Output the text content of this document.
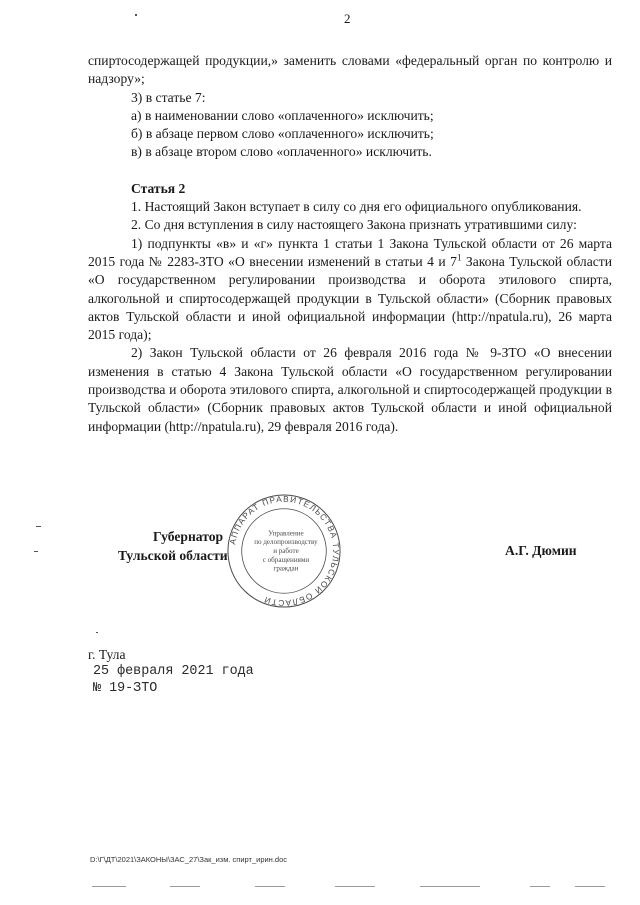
2

спиртосодержащей продукции,» заменить словами «федеральный орган по контролю и надзору»;

3) в статье 7:

а) в наименовании слово «оплаченного» исключить;

б) в абзаце первом слово «оплаченного» исключить;

в) в абзаце втором слово «оплаченного» исключить.

Статья 2

1. Настоящий Закон вступает в силу со дня его официального опубликования.

2. Со дня вступления в силу настоящего Закона признать утратившими силу:

1) подпункты «в» и «г» пункта 1 статьи 1 Закона Тульской области от 26 марта 2015 года № 2283-ЗТО «О внесении изменений в статьи 4 и $7^1$ Закона Тульской области «О государственном регулировании производства и оборота этилового спирта, алкогольной и спиртосодержащей продукции в Тульской области» (Сборник правовых актов Тульской области и иной официальной информации (http://npatula.ru), 26 марта 2015 года);

2) Закон Тульской области от 26 февраля 2016 года № 9-ЗТО «О внесении изменения в статью 4 Закона Тульской области «О государственном регулировании производства и оборота этилового спирта, алкогольной и спиртосодержащей продукции в Тульской области» (Сборник правовых актов Тульской области и иной официальной информации (http://npatula.ru), 29 февраля 2016 года).

АППАРАТ ПРАВИТЕЛЬСТВА ТУЛЬСКОЙ ОБЛАСТИ
Управление
по делопроизводству
и работе
с обращениями
граждан
Губернатор
Тульской области	А.Г. Дюмин
г. Тула
25 февраля 2021 года
№ 19-ЗТО
D:\Г\ДТ\2021\ЗАКОНЫ\ЗАС_27\Зак_изм. спирт_ирин.doc
